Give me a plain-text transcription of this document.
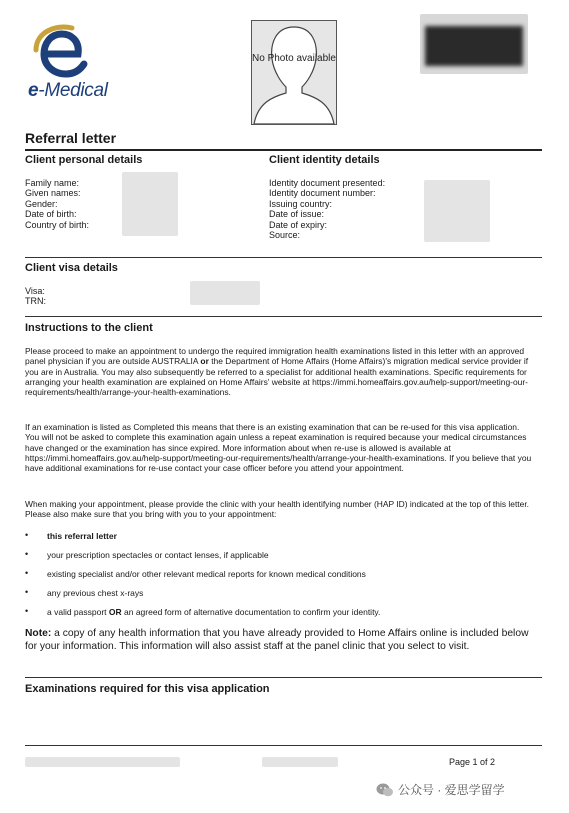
e-Medical
No Photo available
Referral letter
Client personal details
Family name:
Given names:
Gender:
Date of birth:
Country of birth:
Client identity details
Identity document presented:
Identity document number:
Issuing country:
Date of issue:
Date of expiry:
Source:
Client visa details
Visa:
TRN:
Instructions to the client

Please proceed to make an appointment to undergo the required immigration health examinations listed in this letter with an approved panel physician if you are outside AUSTRALIA or the Department of Home Affairs (Home Affairs)'s migration medical service provider if you are in Australia. You may also subsequently be referred to a specialist for additional health examinations. Specific requirements for arranging your health examination are explained on Home Affairs' website at https://immi.homeaffairs.gov.au/help-support/meeting-our-requirements/health/arrange-your-health-examinations.

If an examination is listed as Completed this means that there is an existing examination that can be re-used for this visa application. You will not be asked to complete this examination again unless a repeat examination is required because your medical circumstances have changed or the examination has since expired. More information about when re-use is allowed is available at https://immi.homeaffairs.gov.au/help-support/meeting-our-requirements/health/arrange-your-health-examinations. If you believe that you have additional examinations for re-use contact your case officer before you attend your appointment.

When making your appointment, please provide the clinic with your health identifying number (HAP ID) indicated at the top of this letter. Please also make sure that you bring with you to your appointment:

• this referral letter
• your prescription spectacles or contact lenses, if applicable
• existing specialist and/or other relevant medical reports for known medical conditions
• any previous chest x-rays
• a valid passport OR an agreed form of alternative documentation to confirm your identity.
Note: a copy of any health information that you have already provided to Home Affairs online is included below for your information. This information will also assist staff at the panel clinic that you select to visit.
Examinations required for this visa application
Page 1 of 2
公众号 · 爱思学留学
